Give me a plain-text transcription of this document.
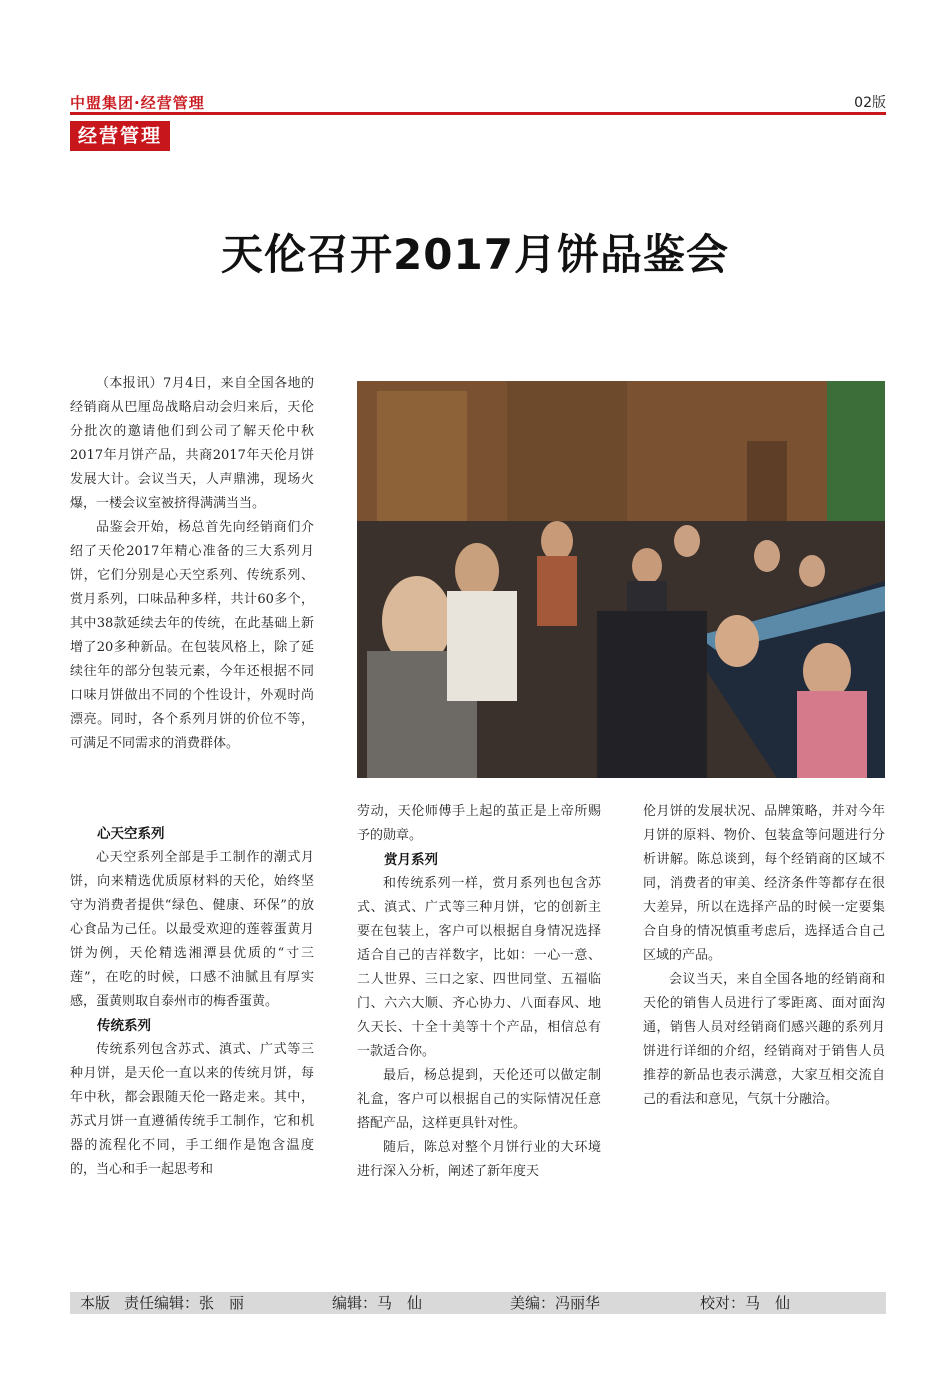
中盟集团·经营管理	02版
经营管理
天伦召开2017月饼品鉴会

（本报讯）7月4日，来自全国各地的经销商从巴厘岛战略启动会归来后，天伦分批次的邀请他们到公司了解天伦中秋2017年月饼产品，共商2017年天伦月饼发展大计。会议当天，人声鼎沸，现场火爆，一楼会议室被挤得满满当当。

品鉴会开始，杨总首先向经销商们介绍了天伦2017年精心准备的三大系列月饼，它们分别是心天空系列、传统系列、赏月系列，口味品种多样，共计60多个，其中38款延续去年的传统，在此基础上新增了20多种新品。在包装风格上，除了延续往年的部分包装元素，今年还根据不同口味月饼做出不同的个性设计，外观时尚漂亮。同时，各个系列月饼的价位不等，可满足不同需求的消费群体。

心天空系列

心天空系列全部是手工制作的潮式月饼，向来精选优质原材料的天伦，始终坚守为消费者提供“绿色、健康、环保”的放心食品为己任。以最受欢迎的莲蓉蛋黄月饼为例，天伦精选湘潭县优质的“寸三莲”，在吃的时候，口感不油腻且有厚实感，蛋黄则取自泰州市的梅香蛋黄。

传统系列

传统系列包含苏式、滇式、广式等三种月饼，是天伦一直以来的传统月饼，每年中秋，都会跟随天伦一路走来。其中，苏式月饼一直遵循传统手工制作，它和机器的流程化不同，手工细作是饱含温度的，当心和手一起思考和

劳动，天伦师傅手上起的茧正是上帝所赐予的勋章。

赏月系列

和传统系列一样，赏月系列也包含苏式、滇式、广式等三种月饼，它的创新主要在包装上，客户可以根据自身情况选择适合自己的吉祥数字，比如：一心一意、二人世界、三口之家、四世同堂、五福临门、六六大顺、齐心协力、八面春风、地久天长、十全十美等十个产品，相信总有一款适合你。

最后，杨总提到，天伦还可以做定制礼盒，客户可以根据自己的实际情况任意搭配产品，这样更具针对性。

随后，陈总对整个月饼行业的大环境进行深入分析，阐述了新年度天

伦月饼的发展状况、品牌策略，并对今年月饼的原料、物价、包装盒等问题进行分析讲解。陈总谈到，每个经销商的区域不同，消费者的审美、经济条件等都存在很大差异，所以在选择产品的时候一定要集合自身的情况慎重考虑后，选择适合自己区域的产品。

会议当天，来自全国各地的经销商和天伦的销售人员进行了零距离、面对面沟通，销售人员对经销商们感兴趣的系列月饼进行详细的介绍，经销商对于销售人员推荐的新品也表示满意，大家互相交流自己的看法和意见，气氛十分融洽。

本版 责任编辑：张　丽	编辑：马　仙	美编：冯丽华	校对：马　仙
